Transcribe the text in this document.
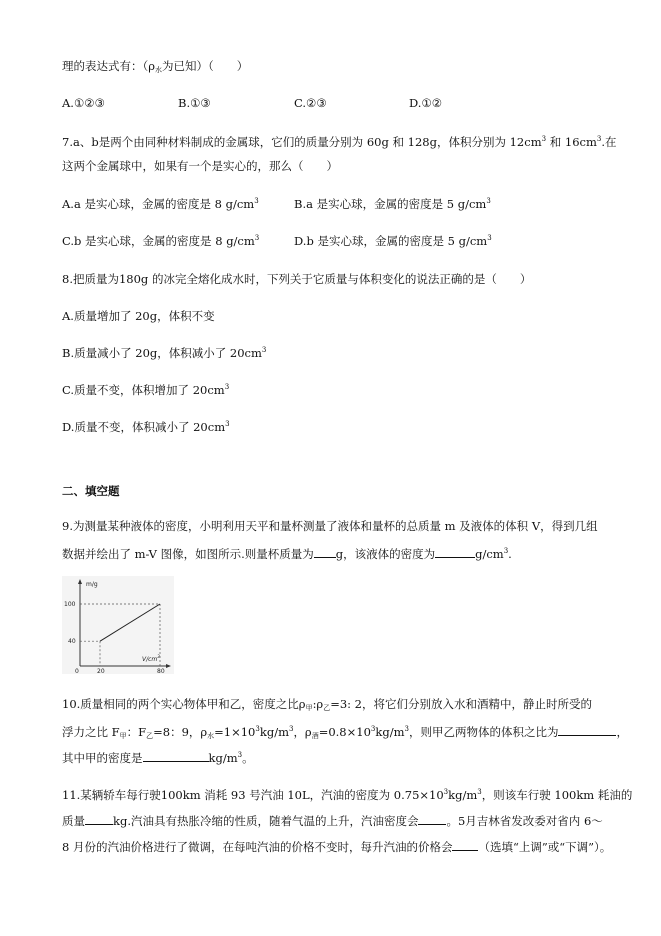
理的表达式有：（$\rho_水$为已知）（　　）
A.①②③	B.①③	C.②③	D.①②
7.a、b是两个由同种材料制成的金属球，它们的质量分别为 60g 和 128g，体积分别为 $12cm^3$ 和 $16cm^3$.在
这两个金属球中，如果有一个是实心的，那么（　　）
A.a 是实心球，金属的密度是 8 $g/cm^3$	B.a 是实心球，金属的密度是 5 $g/cm^3$
C.b 是实心球，金属的密度是 8 $g/cm^3$	D.b 是实心球，金属的密度是 5 $g/cm^3$
8.把质量为180g 的冰完全熔化成水时，下列关于它质量与体积变化的说法正确的是（　　）
A.质量增加了 20g，体积不变
B.质量减小了 20g，体积减小了 $20cm^3$
C.质量不变，体积增加了 $20cm^3$
D.质量不变，体积减小了 $20cm^3$
二、填空题
9.为测量某种液体的密度，小明利用天平和量杯测量了液体和量杯的总质量 m 及液体的体积 V，得到几组
数据并绘出了 m-V 图像，如图所示.则量杯质量为 g，该液体的密度为	$g/cm^3$.
m/g
100
40
0	20	80
$V/cm^3$
10.质量相同的两个实心物体甲和乙，密度之比$\rho_甲:\rho_乙=3$: 2，将它们分别放入水和酒精中，静止时所受的
浮力之比 $F_甲$：$F_乙=8$：9，$\rho_水=1\times 10^3kg/m^3$，$\rho_酒=0.8\times 10^3kg/m^3$，则甲乙两物体的体积之比为	，
其中甲的密度是	$kg/m^3$。
11.某辆轿车每行驶100km 消耗 93 号汽油 10L，汽油的密度为 $0.75\times 10^3kg/m^3$，则该车行驶 100km 耗油的
质量 kg.汽油具有热胀冷缩的性质，随着气温的上升，汽油密度会 。5月吉林省发改委对省内 6～
8 月份的汽油价格进行了微调，在每吨汽油的价格不变时，每升汽油的价格会 （选填“上调”或“下调”）。
